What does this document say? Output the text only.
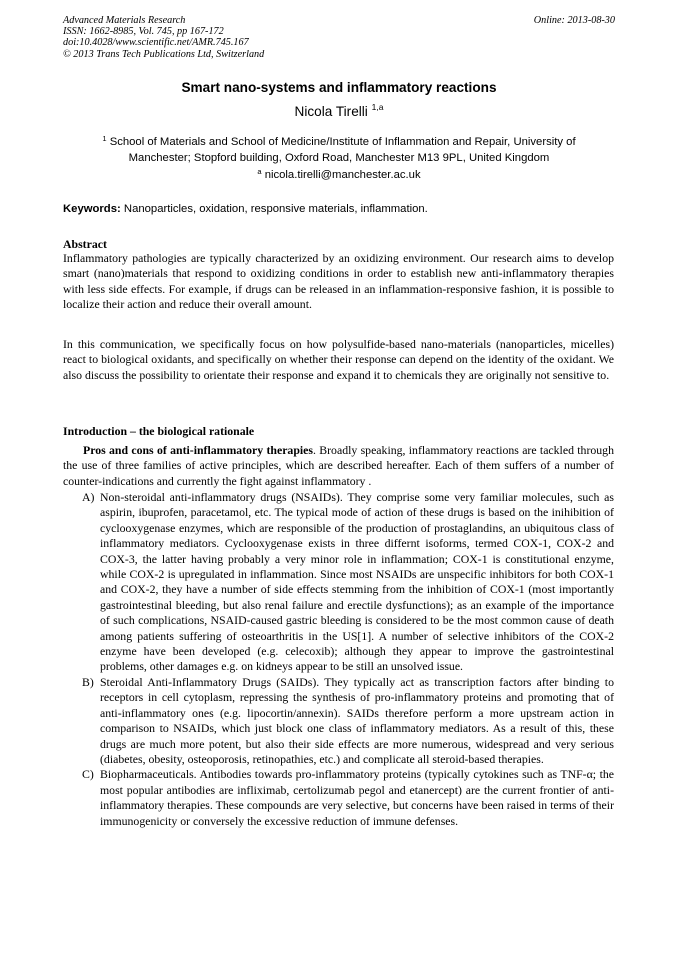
Advanced Materials Research
ISSN: 1662-8985, Vol. 745, pp 167-172
doi:10.4028/www.scientific.net/AMR.745.167
© 2013 Trans Tech Publications Ltd, Switzerland
Online: 2013-08-30
Smart nano-systems and inflammatory reactions
Nicola Tirelli $^{1,a}$
$^1$ School of Materials and School of Medicine/Institute of Inflammation and Repair, University of Manchester; Stopford building, Oxford Road, Manchester M13 9PL, United Kingdom
$^a$ nicola.tirelli@manchester.ac.uk
Keywords: Nanoparticles, oxidation, responsive materials, inflammation.
Abstract

Inflammatory pathologies are typically characterized by an oxidizing environment. Our research aims to develop smart (nano)materials that respond to oxidizing conditions in order to establish new anti-inflammatory therapies with less side effects. For example, if drugs can be released in an inflammation-responsive fashion, it is possible to localize their action and reduce their overall amount.

In this communication, we specifically focus on how polysulfide-based nano-materials (nanoparticles, micelles) react to biological oxidants, and specifically on whether their response can depend on the identity of the oxidant. We also discuss the possibility to orientate their response and expand it to chemicals they are originally not sensitive to.

Introduction – the biological rationale

Pros and cons of anti-inflammatory therapies. Broadly speaking, inflammatory reactions are tackled through the use of three families of active principles, which are described hereafter. Each of them suffers of a number of counter-indications and currently the fight against inflammatory .

A) Non-steroidal anti-inflammatory drugs (NSAIDs). They comprise some very familiar molecules, such as aspirin, ibuprofen, paracetamol, etc. The typical mode of action of these drugs is based on the inihibition of cyclooxygenase enzymes, which are responsible of the production of prostaglandins, an ubiquitous class of inflammatory mediators. Cyclooxygenase exists in three differnt isoforms, termed COX-1, COX-2 and COX-3, the latter having probably a very minor role in inflammation; COX-1 is constitutional enzyme, while COX-2 is upregulated in inflammation. Since most NSAIDs are unspecific inhibitors for both COX-1 and COX-2, they have a number of side effects stemming from the inhibition of COX-1 (most importantly gastrointestinal bleeding, but also renal failure and erectile dysfunctions); as an example of the importance of such complications, NSAID-caused gastric bleeding is considered to be the most common cause of death among patients suffering of osteoarthritis in the US[1]. A number of selective inhibitors of the COX-2 enzyme have been developed (e.g. celecoxib); although they appear to improve the gastrointestinal problems, other damages e.g. on kidneys appear to be still an unsolved issue.

B) Steroidal Anti-Inflammatory Drugs (SAIDs). They typically act as transcription factors after binding to receptors in cell cytoplasm, repressing the synthesis of pro-inflammatory proteins and promoting that of anti-inflammatory ones (e.g. lipocortin/annexin). SAIDs therefore perform a more upstream action in comparison to NSAIDs, which just block one class of inflammatory mediators. As a result of this, these drugs are much more potent, but also their side effects are more numerous, widespread and very serious (diabetes, obesity, osteoporosis, retinopathies, etc.) and complicate all steroid-based therapies.

C) Biopharmaceuticals. Antibodies towards pro-inflammatory proteins (typically cytokines such as TNF-α; the most popular antibodies are infliximab, certolizumab pegol and etanercept) are the current frontier of anti-inflammatory therapies. These compounds are very selective, but concerns have been raised in terms of their immunogenicity or conversely the excessive reduction of immune defenses.
